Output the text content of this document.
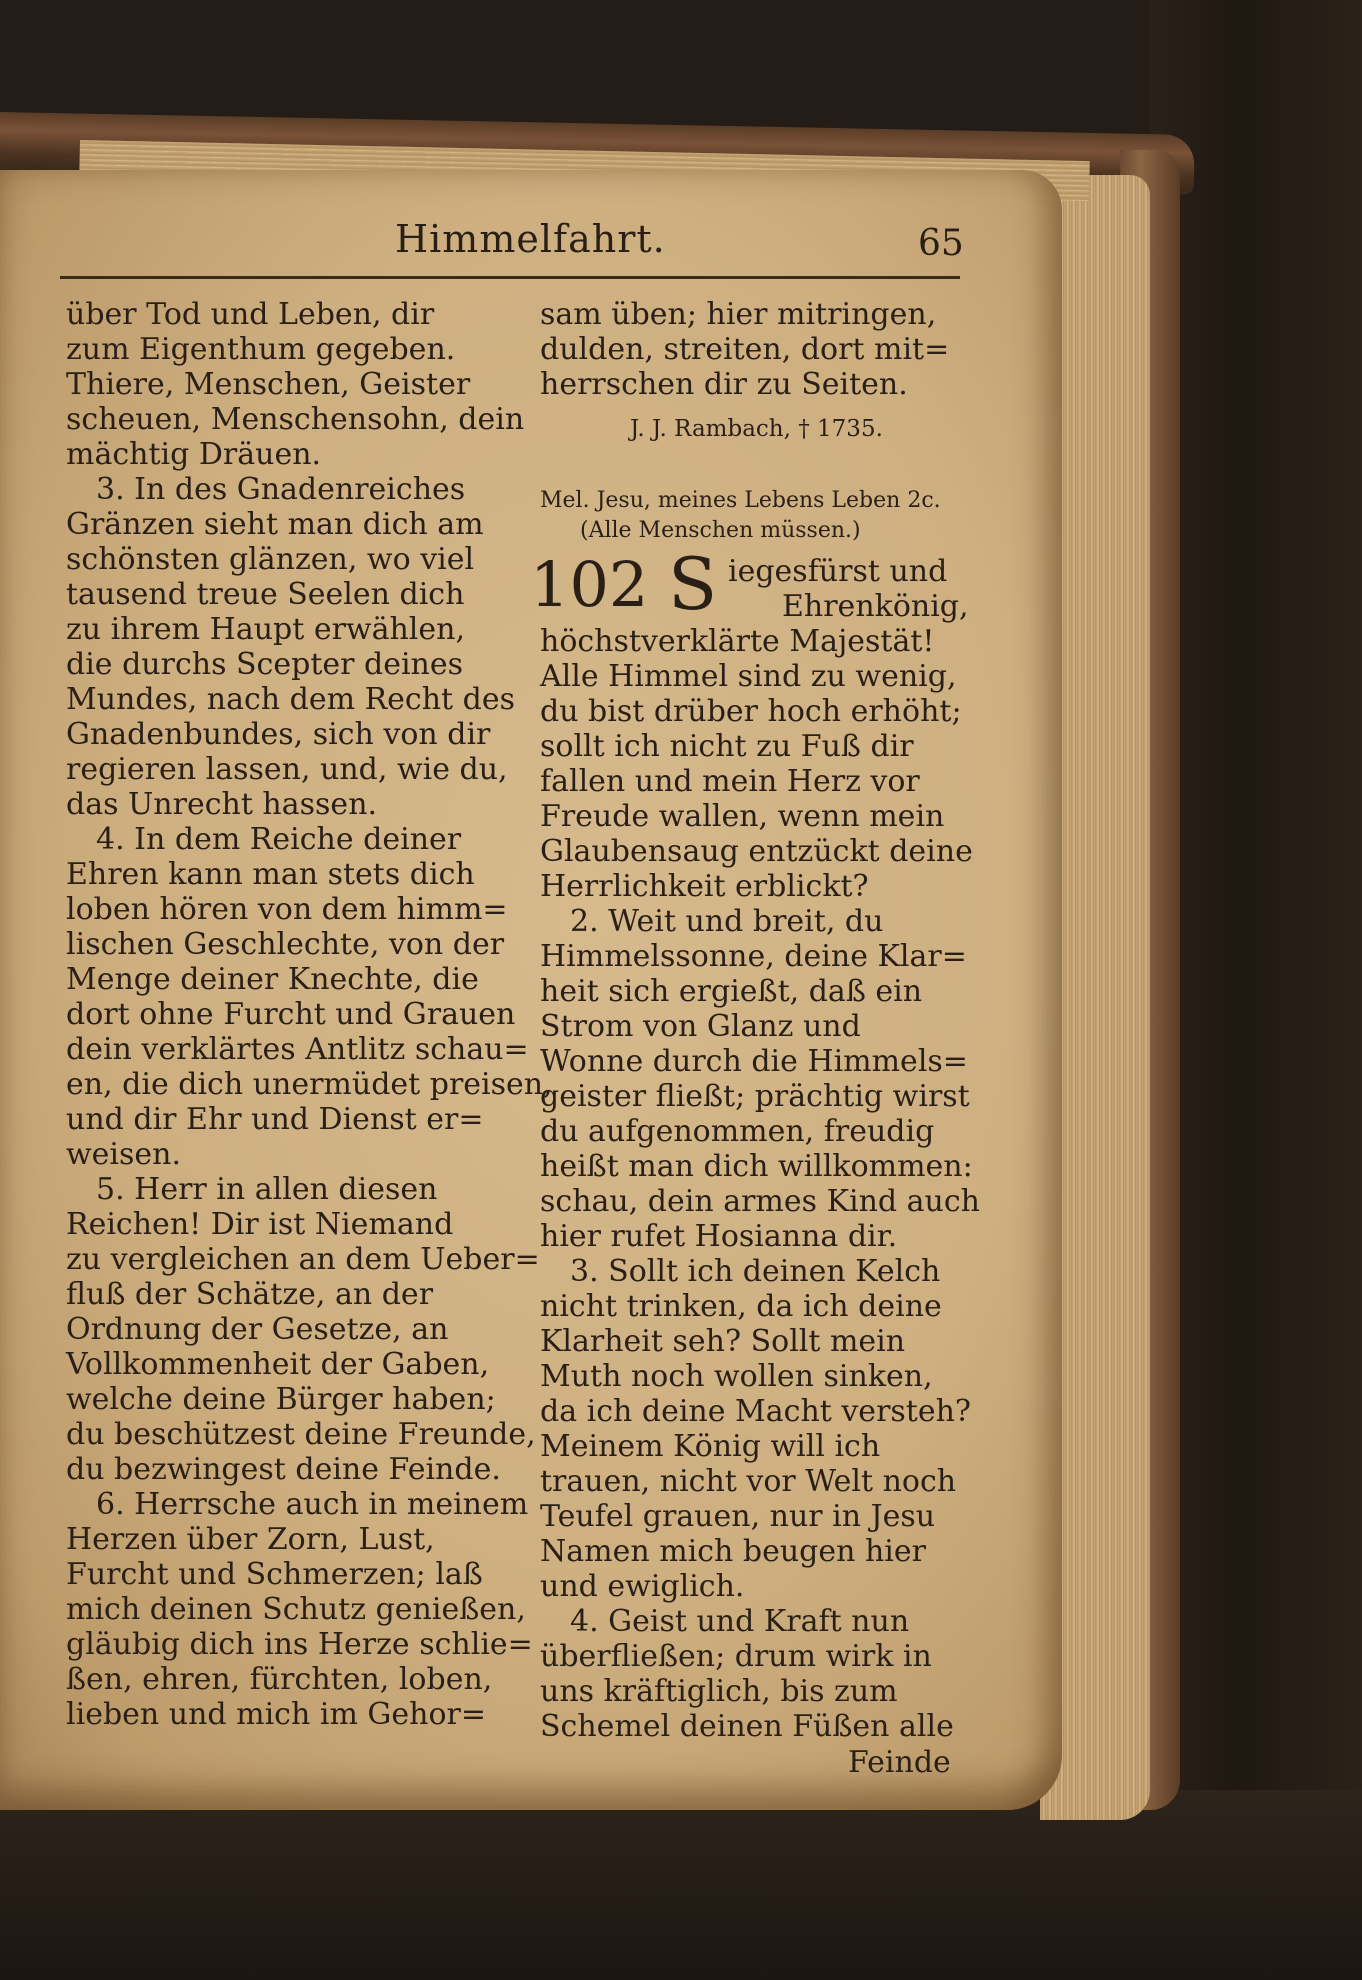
Himmelfahrt.	65
über Tod und Leben, dir
zum Eigenthum gegeben.
Thiere, Menschen, Geister
scheuen, Menschensohn, dein
mächtig Dräuen.
3. In des Gnadenreiches
Gränzen sieht man dich am
schönsten glänzen, wo viel
tausend treue Seelen dich
zu ihrem Haupt erwählen,
die durchs Scepter deines
Mundes, nach dem Recht des
Gnadenbundes, sich von dir
regieren lassen, und, wie du,
das Unrecht hassen.
4. In dem Reiche deiner
Ehren kann man stets dich
loben hören von dem himm=
lischen Geschlechte, von der
Menge deiner Knechte, die
dort ohne Furcht und Grauen
dein verklärtes Antlitz schau=
en, die dich unermüdet preisen,
und dir Ehr und Dienst er=
weisen.
5. Herr in allen diesen
Reichen! Dir ist Niemand
zu vergleichen an dem Ueber=
fluß der Schätze, an der
Ordnung der Gesetze, an
Vollkommenheit der Gaben,
welche deine Bürger haben;
du beschützest deine Freunde,
du bezwingest deine Feinde.
6. Herrsche auch in meinem
Herzen über Zorn, Lust,
Furcht und Schmerzen; laß
mich deinen Schutz genießen,
gläubig dich ins Herze schlie=
ßen, ehren, fürchten, loben,
lieben und mich im Gehor=
sam üben; hier mitringen,
dulden, streiten, dort mit=
herrschen dir zu Seiten.
J. J. Rambach, † 1735.
Mel. Jesu, meines Lebens Leben 2c.
(Alle Menschen müssen.)
102 S iegesfürst und
Ehrenkönig,
höchstverklärte Majestät!
Alle Himmel sind zu wenig,
du bist drüber hoch erhöht;
sollt ich nicht zu Fuß dir
fallen und mein Herz vor
Freude wallen, wenn mein
Glaubensaug entzückt deine
Herrlichkeit erblickt?
2. Weit und breit, du
Himmelssonne, deine Klar=
heit sich ergießt, daß ein
Strom von Glanz und
Wonne durch die Himmels=
geister fließt; prächtig wirst
du aufgenommen, freudig
heißt man dich willkommen:
schau, dein armes Kind auch
hier rufet Hosianna dir.
3. Sollt ich deinen Kelch
nicht trinken, da ich deine
Klarheit seh? Sollt mein
Muth noch wollen sinken,
da ich deine Macht versteh?
Meinem König will ich
trauen, nicht vor Welt noch
Teufel grauen, nur in Jesu
Namen mich beugen hier
und ewiglich.
4. Geist und Kraft nun
überfließen; drum wirk in
uns kräftiglich, bis zum
Schemel deinen Füßen alle
Feinde
